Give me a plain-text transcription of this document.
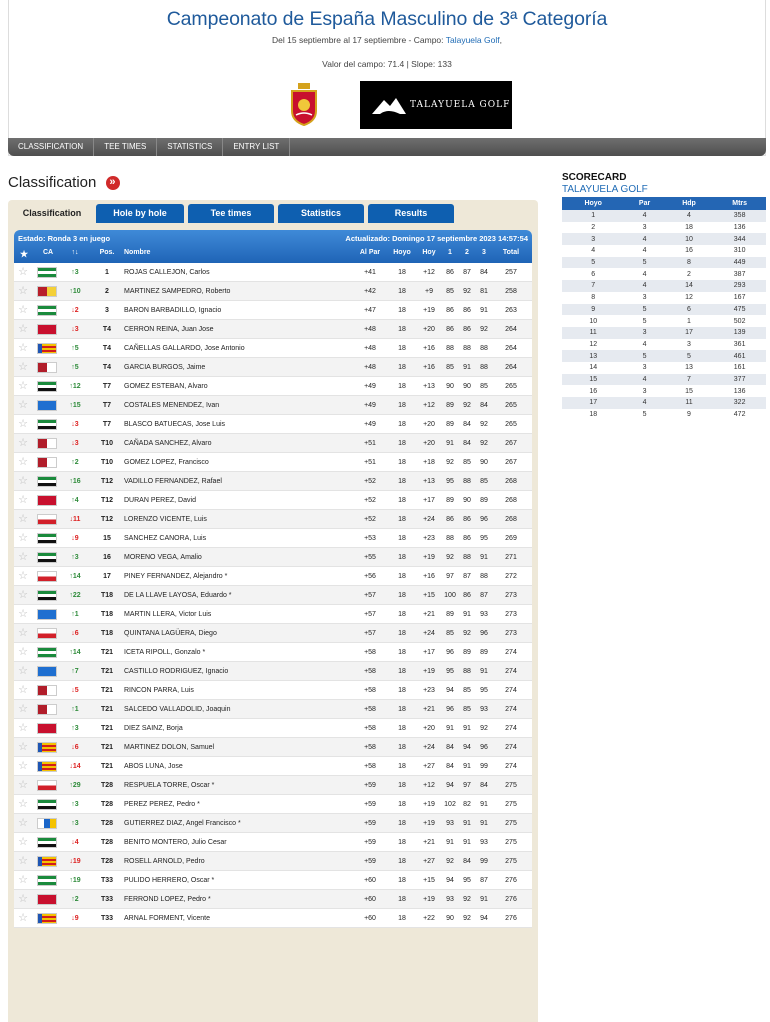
Campeonato de España Masculino de 3ª Categoría
Del 15 septiembre al 17 septiembre - Campo: Talayuela Golf,
Valor del campo: 71.4 | Slope: 133
TALAYUELA GOLF
CLASSIFICATION	TEE TIMES	STATISTICS	ENTRY LIST
Classification
»
Classification	Hole by hole	Tee times	Statistics	Results
Estado: Ronda 3 en juego	Actualizado: Domingo 17 septiembre 2023 14:57:54
★	CA	↑↓	Pos.	Nombre	Al Par	Hoyo	Hoy	1	2	3	Total
☆	↑3	1	ROJAS CALLEJON, Carlos	+41	18	+12	86	87	84	257
☆	↑10	2	MARTINEZ SAMPEDRO, Roberto	+42	18	+9	85	92	81	258
☆	↓2	3	BARON BARBADILLO, Ignacio	+47	18	+19	86	86	91	263
☆	↓3	T4	CERRON REINA, Juan Jose	+48	18	+20	86	86	92	264
☆	↑5	T4	CAÑELLAS GALLARDO, Jose Antonio	+48	18	+16	88	88	88	264
☆	↑5	T4	GARCIA BURGOS, Jaime	+48	18	+16	85	91	88	264
☆	↑12	T7	GOMEZ ESTEBAN, Alvaro	+49	18	+13	90	90	85	265
☆	↑15	T7	COSTALES MENENDEZ, Ivan	+49	18	+12	89	92	84	265
☆	↓3	T7	BLASCO BATUECAS, Jose Luis	+49	18	+20	89	84	92	265
☆	↓3	T10	CAÑADA SANCHEZ, Alvaro	+51	18	+20	91	84	92	267
☆	↑2	T10	GOMEZ LOPEZ, Francisco	+51	18	+18	92	85	90	267
☆	↑16	T12	VADILLO FERNANDEZ, Rafael	+52	18	+13	95	88	85	268
☆	↑4	T12	DURAN PEREZ, David	+52	18	+17	89	90	89	268
☆	↓11	T12	LORENZO VICENTE, Luis	+52	18	+24	86	86	96	268
☆	↓9	15	SANCHEZ CANORA, Luis	+53	18	+23	88	86	95	269
☆	↑3	16	MORENO VEGA, Amalio	+55	18	+19	92	88	91	271
☆	↑14	17	PINEY FERNANDEZ, Alejandro *	+56	18	+16	97	87	88	272
☆	↑22	T18	DE LA LLAVE LAYOSA, Eduardo *	+57	18	+15	100	86	87	273
☆	↑1	T18	MARTIN LLERA, Victor Luis	+57	18	+21	89	91	93	273
☆	↓6	T18	QUINTANA LAGÜERA, Diego	+57	18	+24	85	92	96	273
☆	↑14	T21	ICETA RIPOLL, Gonzalo *	+58	18	+17	96	89	89	274
☆	↑7	T21	CASTILLO RODRIGUEZ, Ignacio	+58	18	+19	95	88	91	274
☆	↓5	T21	RINCON PARRA, Luis	+58	18	+23	94	85	95	274
☆	↑1	T21	SALCEDO VALLADOLID, Joaquin	+58	18	+21	96	85	93	274
☆	↑3	T21	DIEZ SAINZ, Borja	+58	18	+20	91	91	92	274
☆	↓6	T21	MARTINEZ DOLON, Samuel	+58	18	+24	84	94	96	274
☆	↓14	T21	ABOS LUNA, Jose	+58	18	+27	84	91	99	274
☆	↑29	T28	RESPUELA TORRE, Oscar *	+59	18	+12	94	97	84	275
☆	↑3	T28	PEREZ PEREZ, Pedro *	+59	18	+19	102	82	91	275
☆	↑3	T28	GUTIERREZ DIAZ, Angel Francisco *	+59	18	+19	93	91	91	275
☆	↓4	T28	BENITO MONTERO, Julio Cesar	+59	18	+21	91	91	93	275
☆	↓19	T28	ROSELL ARNOLD, Pedro	+59	18	+27	92	84	99	275
☆	↑19	T33	PULIDO HERRERO, Oscar *	+60	18	+15	94	95	87	276
☆	↑2	T33	FERROND LOPEZ, Pedro *	+60	18	+19	93	92	91	276
☆	↓9	T33	ARNAL FORMENT, Vicente	+60	18	+22	90	92	94	276
SCORECARD
TALAYUELA GOLF
Hoyo	Par	Hdp	Mtrs
1	4	4	358
2	3	18	136
3	4	10	344
4	4	16	310
5	5	8	449
6	4	2	387
7	4	14	293
8	3	12	167
9	5	6	475
10	5	1	502
11	3	17	139
12	4	3	361
13	5	5	461
14	3	13	161
15	4	7	377
16	3	15	136
17	4	11	322
18	5	9	472
